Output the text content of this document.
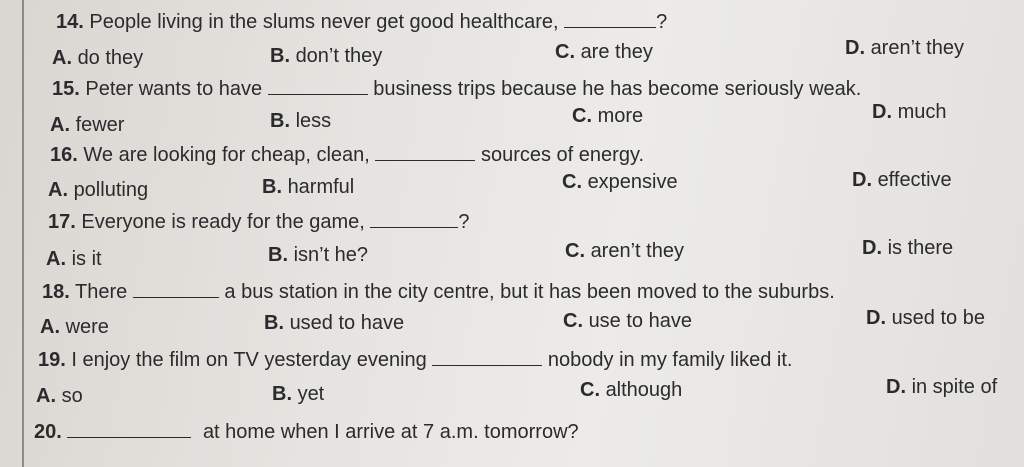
14. People living in the slums never get good healthcare,	?
A. do they	B. don’t they	C. are they	D. aren’t they
15. Peter wants to have	business trips because he has become seriously weak.
A. fewer	B. less	C. more	D. much
16. We are looking for cheap, clean,	sources of energy.
A. polluting	B. harmful	C. expensive	D. effective
17. Everyone is ready for the game,	?
A. is it	B. isn’t he?	C. aren’t they	D. is there
18. There	a bus station in the city centre, but it has been moved to the suburbs.
A. were	B. used to have	C. use to have	D. used to be
19. I enjoy the film on TV yesterday evening	nobody in my family liked it.
A. so	B. yet	C. although	D. in spite of
20.	at home when I arrive at 7 a.m. tomorrow?
